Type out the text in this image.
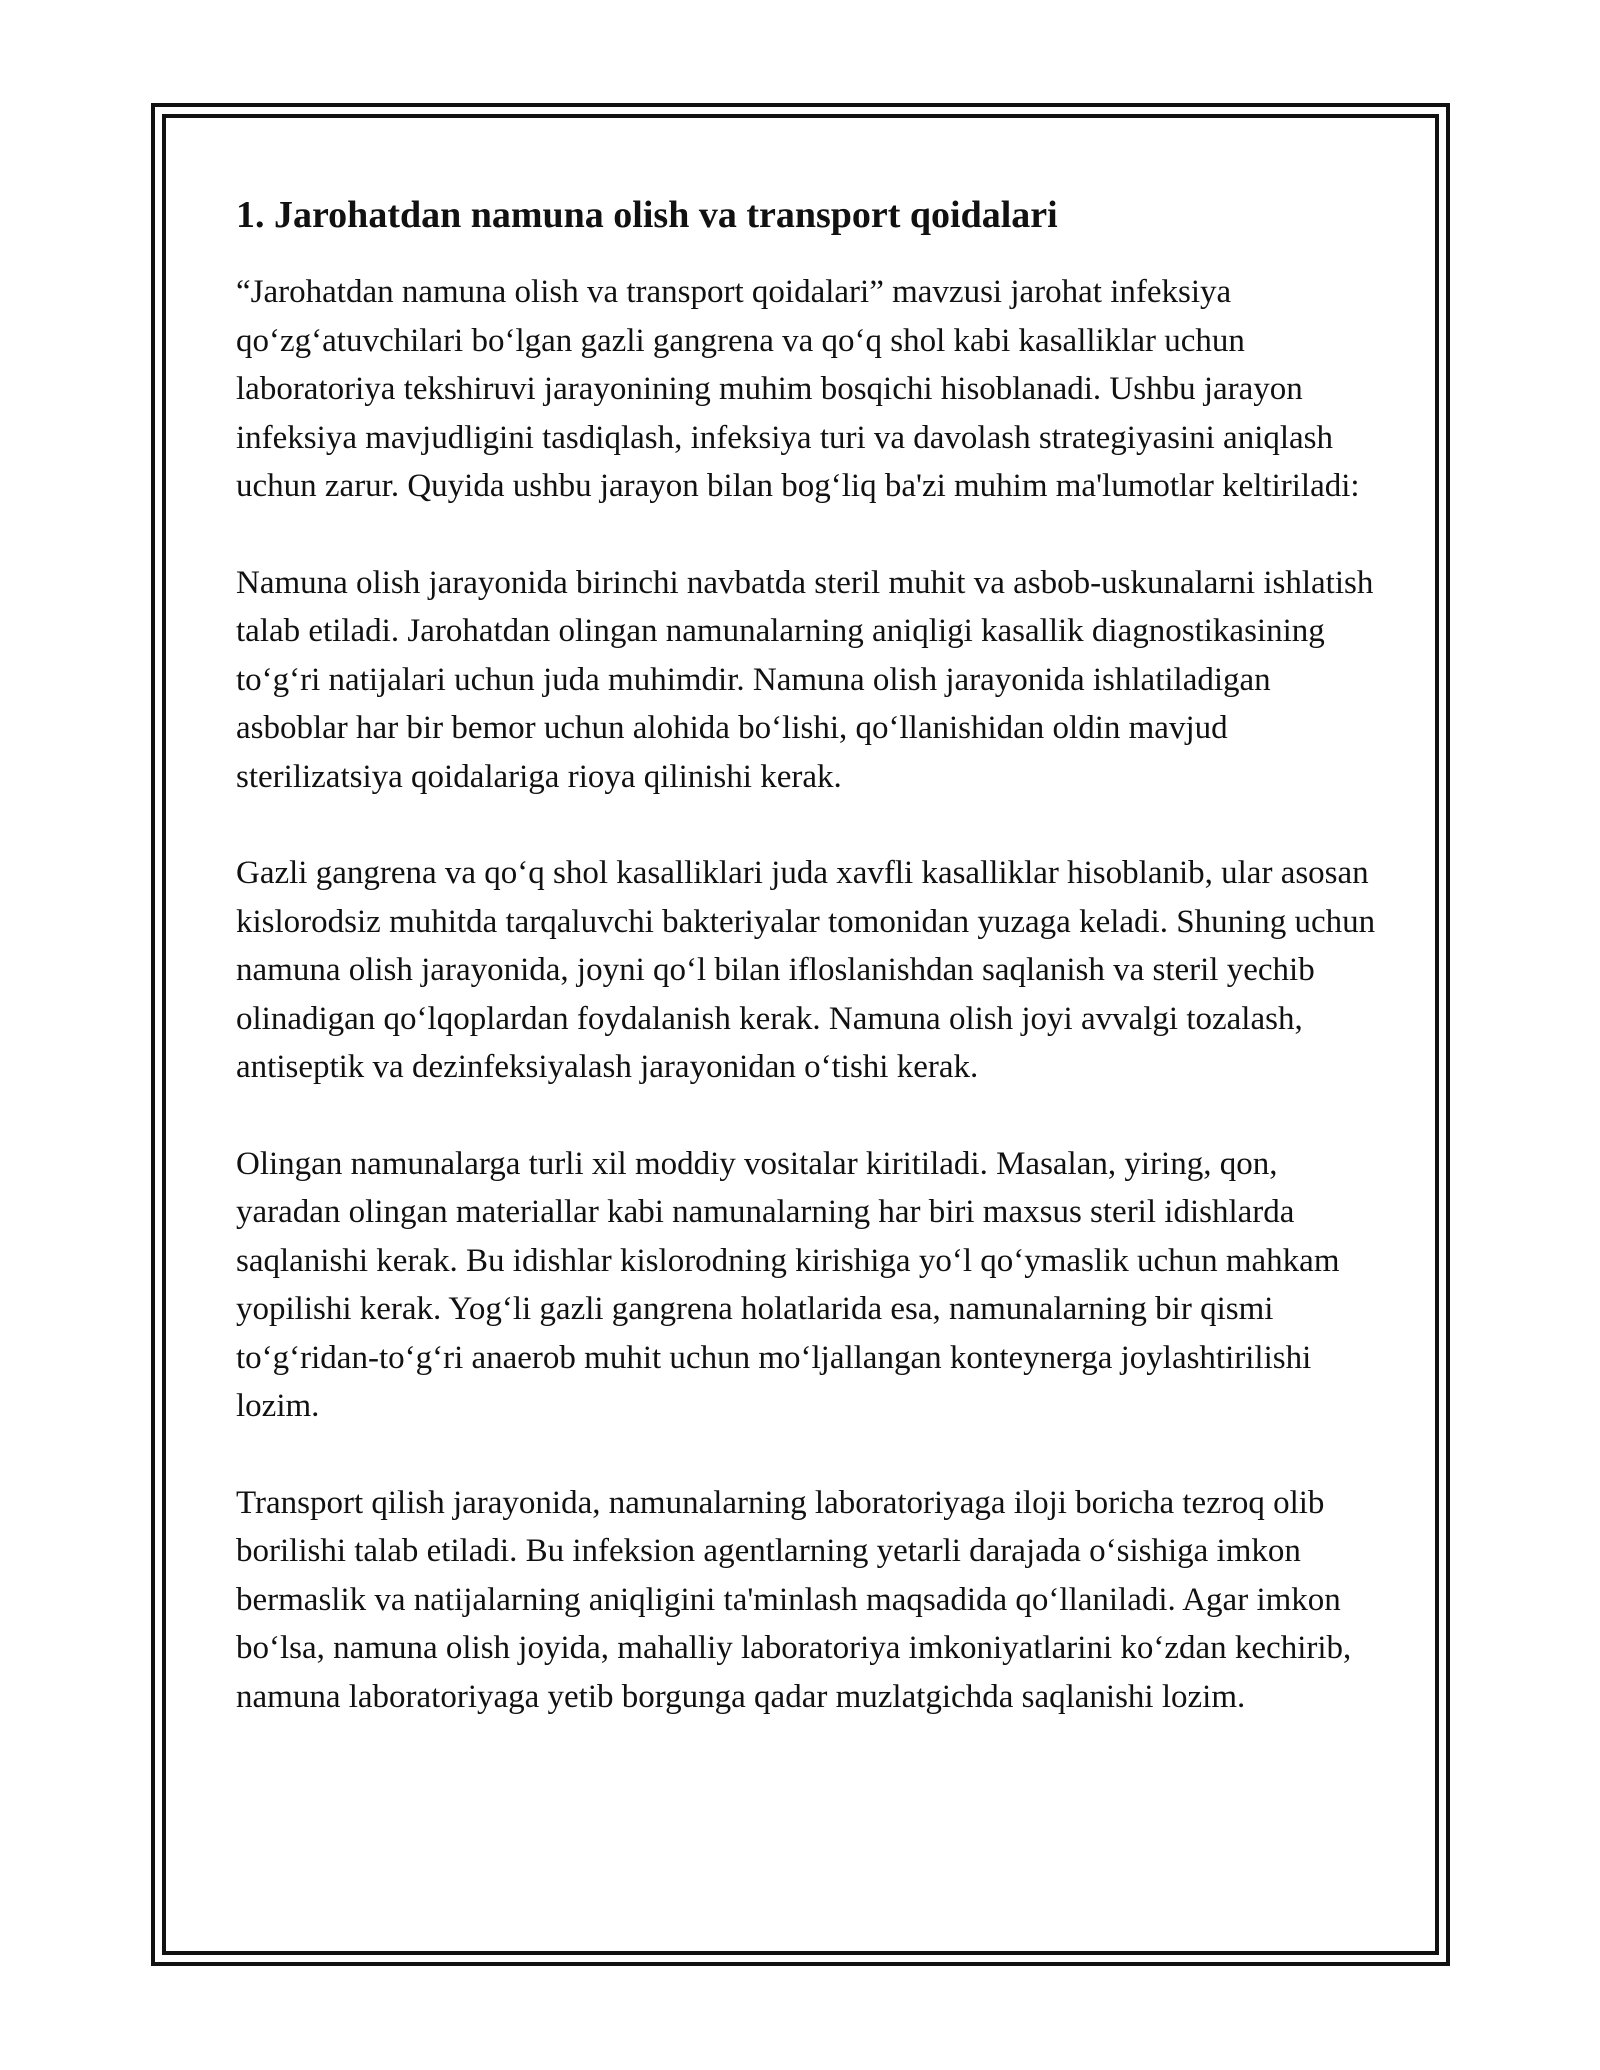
1. Jarohatdan namuna olish va transport qoidalari

“Jarohatdan namuna olish va transport qoidalari” mavzusi jarohat infeksiya qo‘zg‘atuvchilari bo‘lgan gazli gangrena va qo‘q shol kabi kasalliklar uchun laboratoriya tekshiruvi jarayonining muhim bosqichi hisoblanadi. Ushbu jarayon infeksiya mavjudligini tasdiqlash, infeksiya turi va davolash strategiyasini aniqlash uchun zarur. Quyida ushbu jarayon bilan bog‘liq ba'zi muhim ma'lumotlar keltiriladi:

Namuna olish jarayonida birinchi navbatda steril muhit va asbob-uskunalarni ishlatish talab etiladi. Jarohatdan olingan namunalarning aniqligi kasallik diagnostikasining to‘g‘ri natijalari uchun juda muhimdir. Namuna olish jarayonida ishlatiladigan asboblar har bir bemor uchun alohida bo‘lishi, qo‘llanishidan oldin mavjud sterilizatsiya qoidalariga rioya qilinishi kerak.

Gazli gangrena va qo‘q shol kasalliklari juda xavfli kasalliklar hisoblanib, ular asosan kislorodsiz muhitda tarqaluvchi bakteriyalar tomonidan yuzaga keladi. Shuning uchun namuna olish jarayonida, joyni qo‘l bilan ifloslanishdan saqlanish va steril yechib olinadigan qo‘lqoplardan foydalanish kerak. Namuna olish joyi avvalgi tozalash, antiseptik va dezinfeksiyalash jarayonidan o‘tishi kerak.

Olingan namunalarga turli xil moddiy vositalar kiritiladi. Masalan, yiring, qon, yaradan olingan materiallar kabi namunalarning har biri maxsus steril idishlarda saqlanishi kerak. Bu idishlar kislorodning kirishiga yo‘l qo‘ymaslik uchun mahkam yopilishi kerak. Yog‘li gazli gangrena holatlarida esa, namunalarning bir qismi to‘g‘ridan-to‘g‘ri anaerob muhit uchun mo‘ljallangan konteynerga joylashtirilishi lozim.

Transport qilish jarayonida, namunalarning laboratoriyaga iloji boricha tezroq olib borilishi talab etiladi. Bu infeksion agentlarning yetarli darajada o‘sishiga imkon bermaslik va natijalarning aniqligini ta'minlash maqsadida qo‘llaniladi. Agar imkon bo‘lsa, namuna olish joyida, mahalliy laboratoriya imkoniyatlarini ko‘zdan kechirib, namuna laboratoriyaga yetib borgunga qadar muzlatgichda saqlanishi lozim.
